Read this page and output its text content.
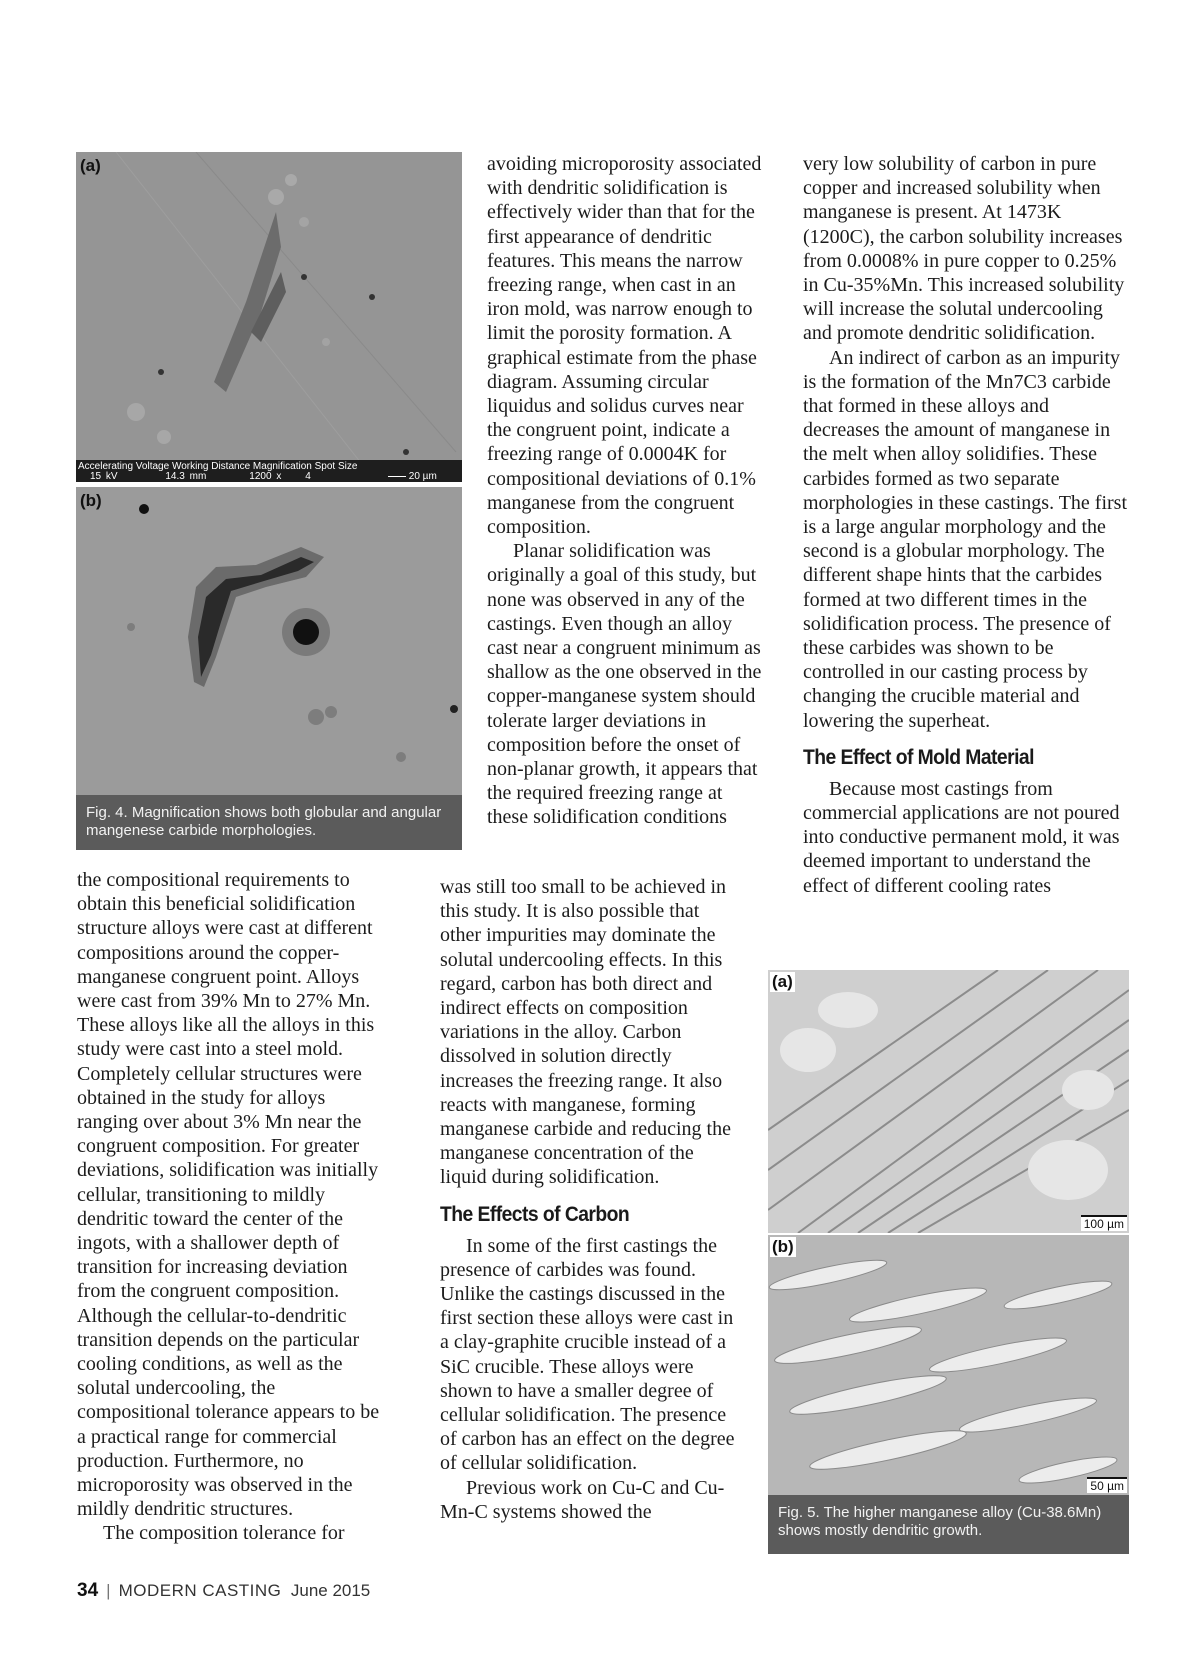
(a)
Accelerating Voltage Working Distance Magnification Spot Size
15 kV	14.3 mm	1200 x 4	20 µm
(b)
Fig. 4. Magnification shows both globular and angular mangenese carbide morphologies.

the compositional requirements to obtain this beneficial solidification structure alloys were cast at different compositions around the copper-manganese congruent point. Alloys were cast from 39% Mn to 27% Mn. These alloys like all the alloys in this study were cast into a steel mold. Completely cellular structures were obtained in the study for alloys ranging over about 3% Mn near the congruent composition. For greater deviations, solidification was initially cellular, transitioning to mildly dendritic toward the center of the ingots, with a shallower depth of transition for increasing deviation from the congruent composition. Although the cellular-to-dendritic transition depends on the particular cooling conditions, as well as the solutal undercooling, the compositional tolerance appears to be a practical range for commercial production. Furthermore, no microporosity was observed in the mildly dendritic structures.

The composition tolerance for

avoiding microporosity associated with dendritic solidification is effectively wider than that for the first appearance of dendritic features. This means the narrow freezing range, when cast in an iron mold, was narrow enough to limit the porosity formation. A graphical estimate from the phase diagram. Assuming circular liquidus and solidus curves near the congruent point, indicate a freezing range of 0.0004K for compositional deviations of 0.1% manganese from the congruent composition.

Planar solidification was originally a goal of this study, but none was observed in any of the castings. Even though an alloy cast near a congruent minimum as shallow as the one observed in the copper-manganese system should tolerate larger deviations in composition before the onset of non-planar growth, it appears that the required freezing range at these solidification conditions

was still too small to be achieved in this study. It is also possible that other impurities may dominate the solutal undercooling effects. In this regard, carbon has both direct and indirect effects on composition variations in the alloy. Carbon dissolved in solution directly increases the freezing range. It also reacts with manganese, forming manganese carbide and reducing the manganese concentration of the liquid during solidification.

The Effects of Carbon

In some of the first castings the presence of carbides was found. Unlike the castings discussed in the first section these alloys were cast in a clay-graphite crucible instead of a SiC crucible. These alloys were shown to have a smaller degree of cellular solidification. The presence of carbon has an effect on the degree of cellular solidification.

Previous work on Cu-C and Cu-Mn-C systems showed the

very low solubility of carbon in pure copper and increased solubility when manganese is present. At 1473K (1200C), the carbon solubility increases from 0.0008% in pure copper to 0.25% in Cu-35%Mn. This increased solubility will increase the solutal undercooling and promote dendritic solidification.

An indirect of carbon as an impurity is the formation of the Mn7C3 carbide that formed in these alloys and decreases the amount of manganese in the melt when alloy solidifies. These carbides formed as two separate morphologies in these castings. The first is a large angular morphology and the second is a globular morphology. The different shape hints that the carbides formed at two different times in the solidification process. The presence of these carbides was shown to be controlled in our casting process by changing the crucible material and lowering the superheat.

The Effect of Mold Material

Because most castings from commercial applications are not poured into conductive permanent mold, it was deemed important to understand the effect of different cooling rates

(a)
100 µm
(b)
50 µm
Fig. 5. The higher manganese alloy (Cu-38.6Mn) shows mostly dendritic growth.
34 | MODERN CASTING June 2015
